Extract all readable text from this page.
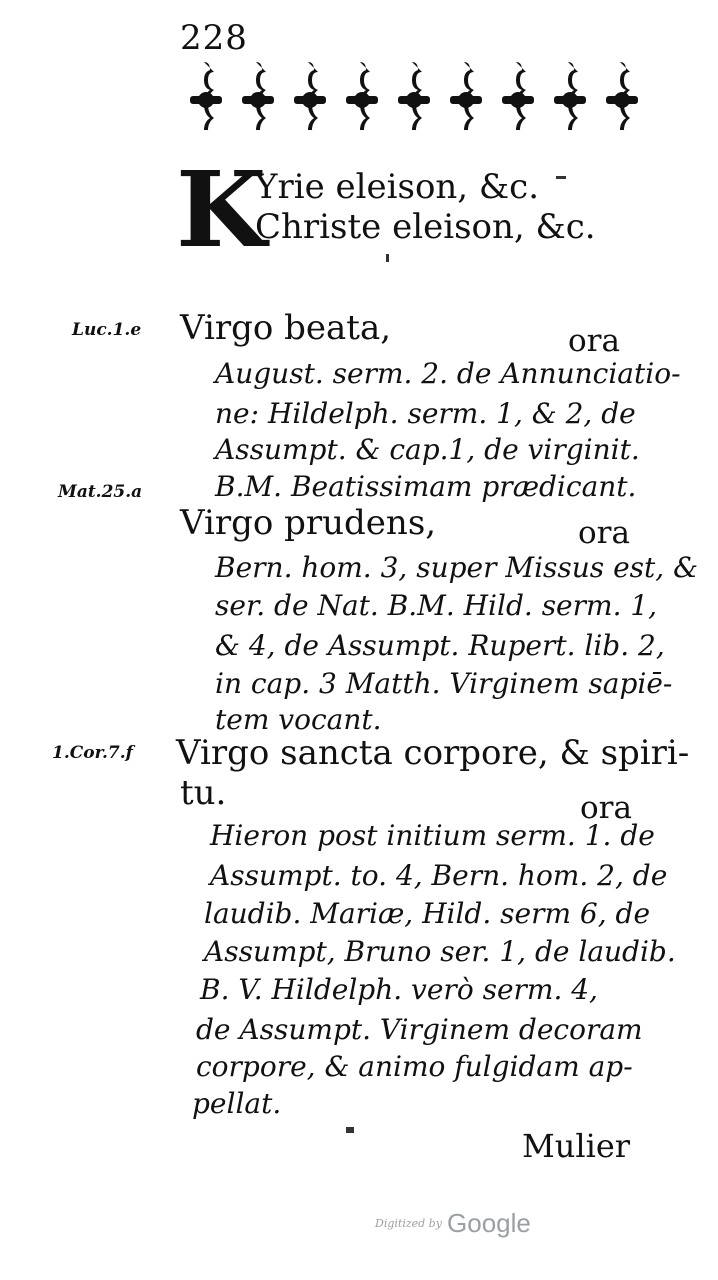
228
K
Yrie eleison, &c.
Christe eleison, &c.
Luc.1.e Virgo beata,	ora
August. serm. 2. de Annunciatio-
ne: Hildelph. serm. 1, & 2, de
Assumpt. & cap.1, de virginit.
B.M. Beatissimam prædicant.
Mat.25.a
Virgo prudens,	ora
Bern. hom. 3, super Missus est, &
ser. de Nat. B.M. Hild. serm. 1,
& 4, de Assumpt. Rupert. lib. 2,
in cap. 3 Matth. Virginem sapiē-
tem vocant.
1.Cor.7.f Virgo sancta corpore, & spiri-
tu.	ora
Hieron post initium serm. 1. de
Assumpt. to. 4, Bern. hom. 2, de
laudib. Mariæ, Hild. serm 6, de
Assumpt, Bruno ser. 1, de laudib.
B. V. Hildelph. verò serm. 4,
de Assumpt. Virginem decoram
corpore, & animo fulgidam ap-
pellat.
Mulier
Digitized by Google
